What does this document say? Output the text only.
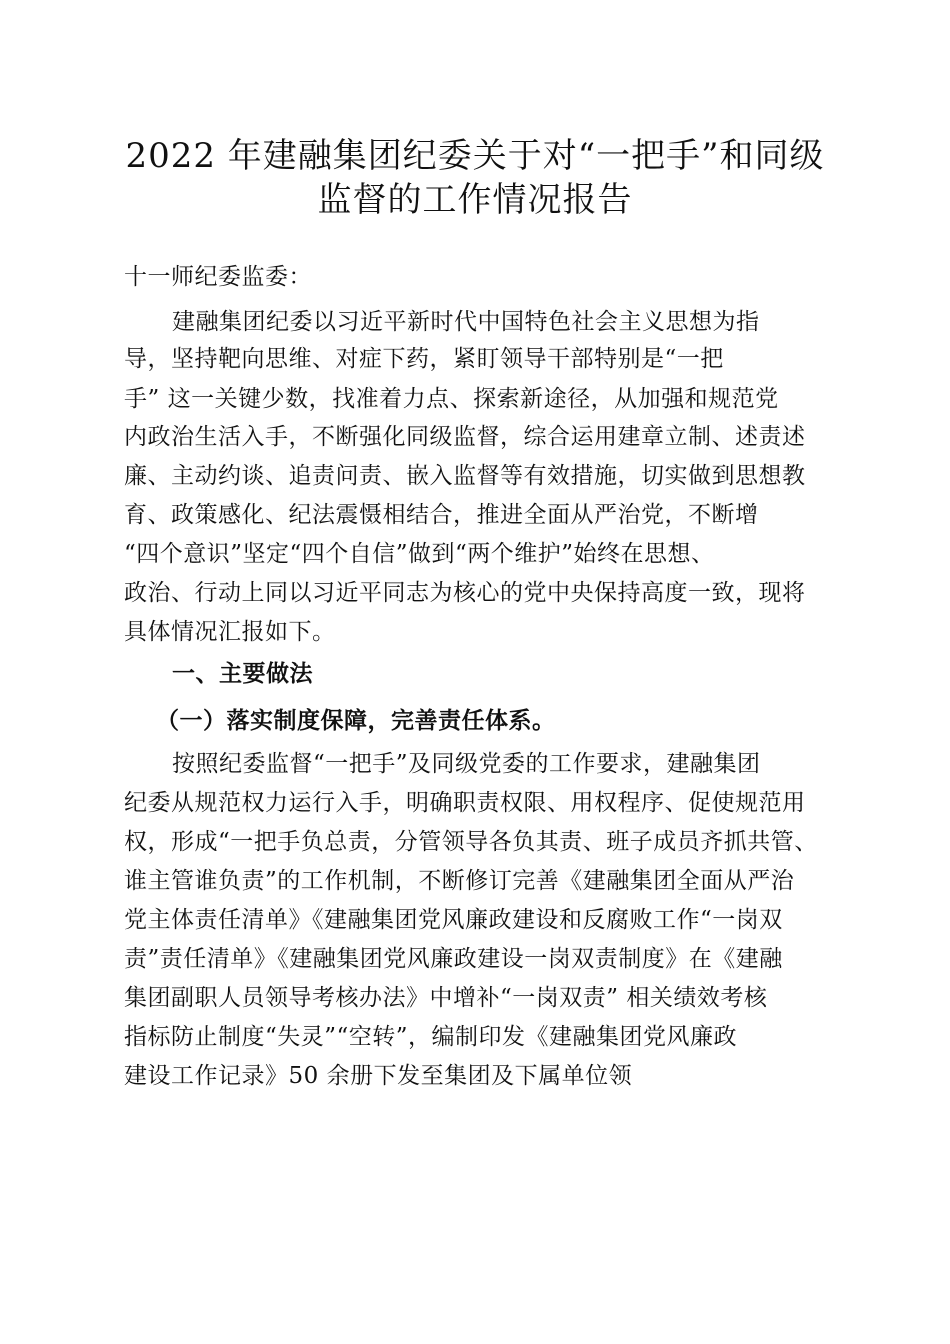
2022 年建融集团纪委关于对“一把手”和同级
监督的工作情况报告

十一师纪委监委：

建融集团纪委以习近平新时代中国特色社会主义思想为指

导，坚持靶向思维、对症下药，紧盯领导干部特别是“一把

手” 这一关键少数，找准着力点、探索新途径，从加强和规范党

内政治生活入手，不断强化同级监督，综合运用建章立制、述责述

廉、主动约谈、追责问责、嵌入监督等有效措施，切实做到思想教

育、政策感化、纪法震慑相结合，推进全面从严治党，不断增

“四个意识”坚定“四个自信”做到“两个维护”始终在思想、

政治、行动上同以习近平同志为核心的党中央保持高度一致，现将

具体情况汇报如下。

一、主要做法

（一）落实制度保障，完善责任体系。

按照纪委监督“一把手”及同级党委的工作要求，建融集团

纪委从规范权力运行入手，明确职责权限、用权程序、促使规范用

权，形成“一把手负总责，分管领导各负其责、班子成员齐抓共管、

谁主管谁负责”的工作机制，不断修订完善《建融集团全面从严治

党主体责任清单》《建融集团党风廉政建设和反腐败工作“一岗双

责”责任清单》《建融集团党风廉政建设一岗双责制度》在《建融

集团副职人员领导考核办法》中增补“一岗双责” 相关绩效考核

指标防止制度“失灵”“空转”，编制印发《建融集团党风廉政

建设工作记录》50 余册下发至集团及下属单位领
